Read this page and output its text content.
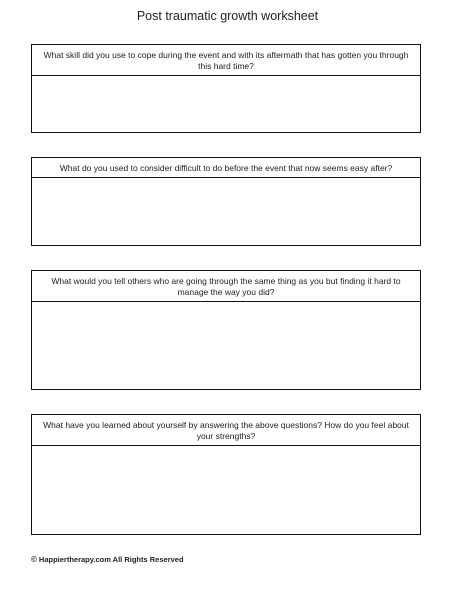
Post traumatic growth worksheet
What skill did you use to cope during the event and with its aftermath that has gotten you through this hard time?
What do you used to consider difficult to do before the event that now seems easy after?
What would you tell others who are going through the same thing as you but finding it hard to manage the way you did?
What have you learned about yourself by answering the above questions? How do you feel about your strengths?
© Happiertherapy.com All Rights Reserved
